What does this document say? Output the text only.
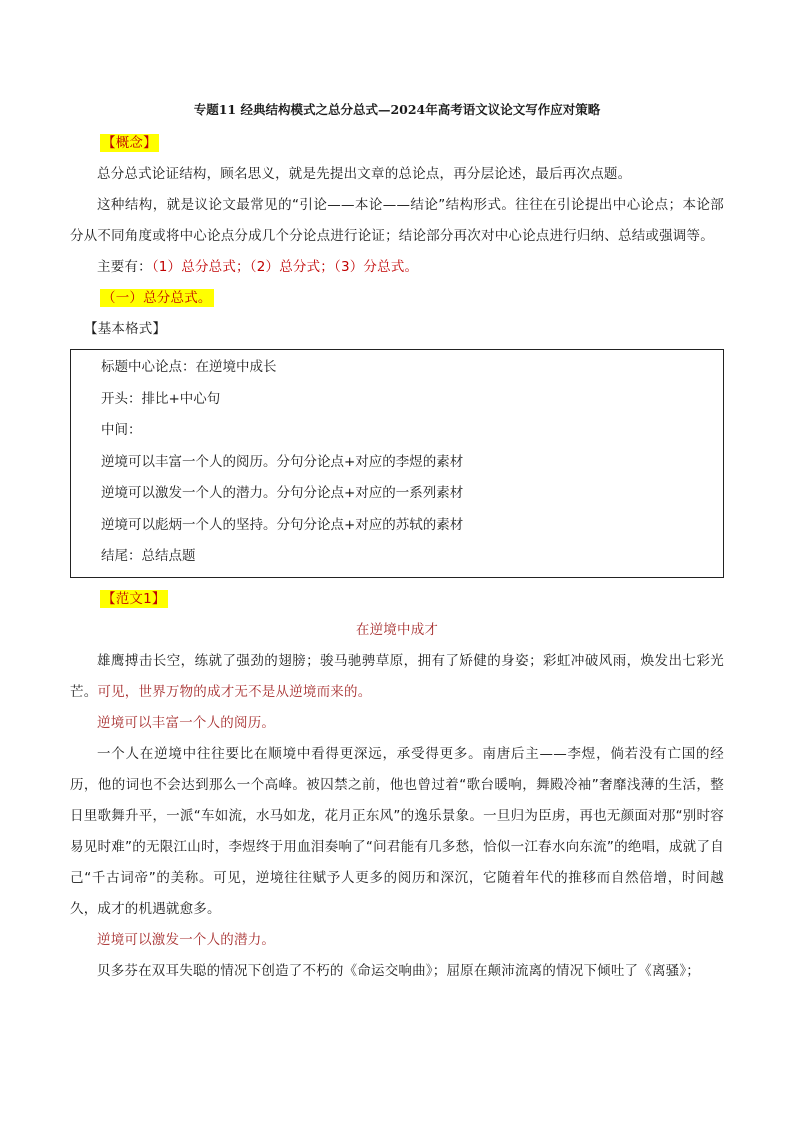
专题11 经典结构模式之总分总式—2024年高考语文议论文写作应对策略

【概念】

总分总式论证结构，顾名思义，就是先提出文章的总论点，再分层论述，最后再次点题。

这种结构，就是议论文最常见的“引论——本论——结论”结构形式。往往在引论提出中心论点；本论部分从不同角度或将中心论点分成几个分论点进行论证；结论部分再次对中心论点进行归纳、总结或强调等。

主要有：（1）总分总式；（2）总分式；（3）分总式。

（一）总分总式。

【基本格式】

标题中心论点：在逆境中成长
开头：排比+中心句
中间：
逆境可以丰富一个人的阅历。分句分论点+对应的李煜的素材
逆境可以激发一个人的潜力。分句分论点+对应的一系列素材
逆境可以彪炳一个人的坚持。分句分论点+对应的苏轼的素材
结尾：总结点题

【范文1】

在逆境中成才

雄鹰搏击长空，练就了强劲的翅膀；骏马驰骋草原，拥有了矫健的身姿；彩虹冲破风雨，焕发出七彩光芒。可见，世界万物的成才无不是从逆境而来的。

逆境可以丰富一个人的阅历。

一个人在逆境中往往要比在顺境中看得更深远，承受得更多。南唐后主——李煜，倘若没有亡国的经历，他的词也不会达到那么一个高峰。被囚禁之前，他也曾过着“歌台暖响，舞殿冷袖”奢靡浅薄的生活，整日里歌舞升平，一派“车如流，水马如龙，花月正东风”的逸乐景象。一旦归为臣虏，再也无颜面对那“别时容易见时难”的无限江山时，李煜终于用血泪奏响了“问君能有几多愁，恰似一江春水向东流”的绝唱，成就了自己“千古词帝”的美称。可见，逆境往往赋予人更多的阅历和深沉，它随着年代的推移而自然倍增，时间越久，成才的机遇就愈多。

逆境可以激发一个人的潜力。

贝多芬在双耳失聪的情况下创造了不朽的《命运交响曲》；屈原在颠沛流离的情况下倾吐了《离骚》；
